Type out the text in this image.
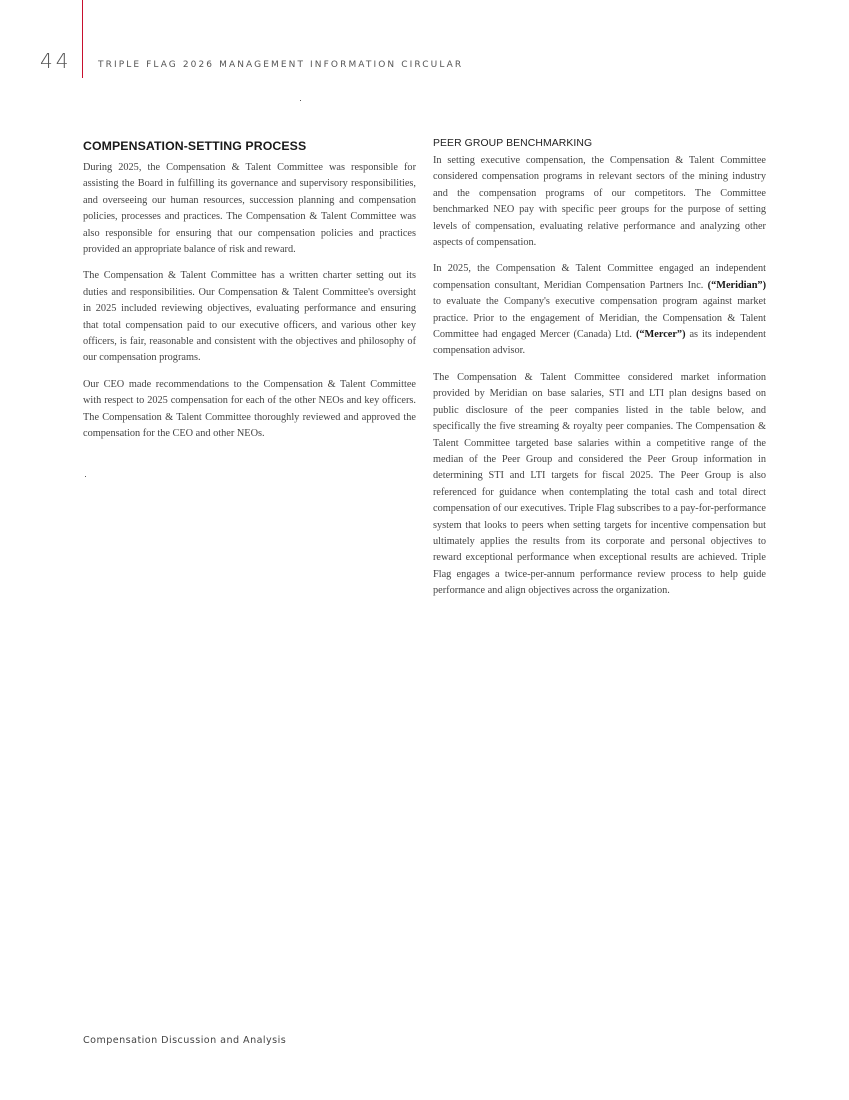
44	TRIPLE FLAG 2026 MANAGEMENT INFORMATION CIRCULAR
COMPENSATION-SETTING PROCESS

During 2025, the Compensation & Talent Committee was responsible for assisting the Board in fulfilling its governance and supervisory responsibilities, and overseeing our human resources, succession planning and compensation policies, processes and practices. The Compensation & Talent Committee was also responsible for ensuring that our compensation policies and practices provided an appropriate balance of risk and reward.

The Compensation & Talent Committee has a written charter setting out its duties and responsibilities. Our Compensation & Talent Committee's oversight in 2025 included reviewing objectives, evaluating performance and ensuring that total compensation paid to our executive officers, and various other key officers, is fair, reasonable and consistent with the objectives and philosophy of our compensation programs.

Our CEO made recommendations to the Compensation & Talent Committee with respect to 2025 compensation for each of the other NEOs and key officers. The Compensation & Talent Committee thoroughly reviewed and approved the compensation for the CEO and other NEOs.

PEER GROUP BENCHMARKING

In setting executive compensation, the Compensation & Talent Committee considered compensation programs in relevant sectors of the mining industry and the compensation programs of our competitors. The Committee benchmarked NEO pay with specific peer groups for the purpose of setting levels of compensation, evaluating relative performance and analyzing other aspects of compensation.

In 2025, the Compensation & Talent Committee engaged an independent compensation consultant, Meridian Compensation Partners Inc. (“Meridian”) to evaluate the Company's executive compensation program against market practice. Prior to the engagement of Meridian, the Compensation & Talent Committee had engaged Mercer (Canada) Ltd. (“Mercer”) as its independent compensation advisor.

The Compensation & Talent Committee considered market information provided by Meridian on base salaries, STI and LTI plan designs based on public disclosure of the peer companies listed in the table below, and specifically the five streaming & royalty peer companies. The Compensation & Talent Committee targeted base salaries within a competitive range of the median of the Peer Group and considered the Peer Group information in determining STI and LTI targets for fiscal 2025. The Peer Group is also referenced for guidance when contemplating the total cash and total direct compensation of our executives. Triple Flag subscribes to a pay-for-performance system that looks to peers when setting targets for incentive compensation but ultimately applies the results from its corporate and personal objectives to reward exceptional performance when exceptional results are achieved. Triple Flag engages a twice-per-annum performance review process to help guide performance and align objectives across the organization.

Compensation Discussion and Analysis
